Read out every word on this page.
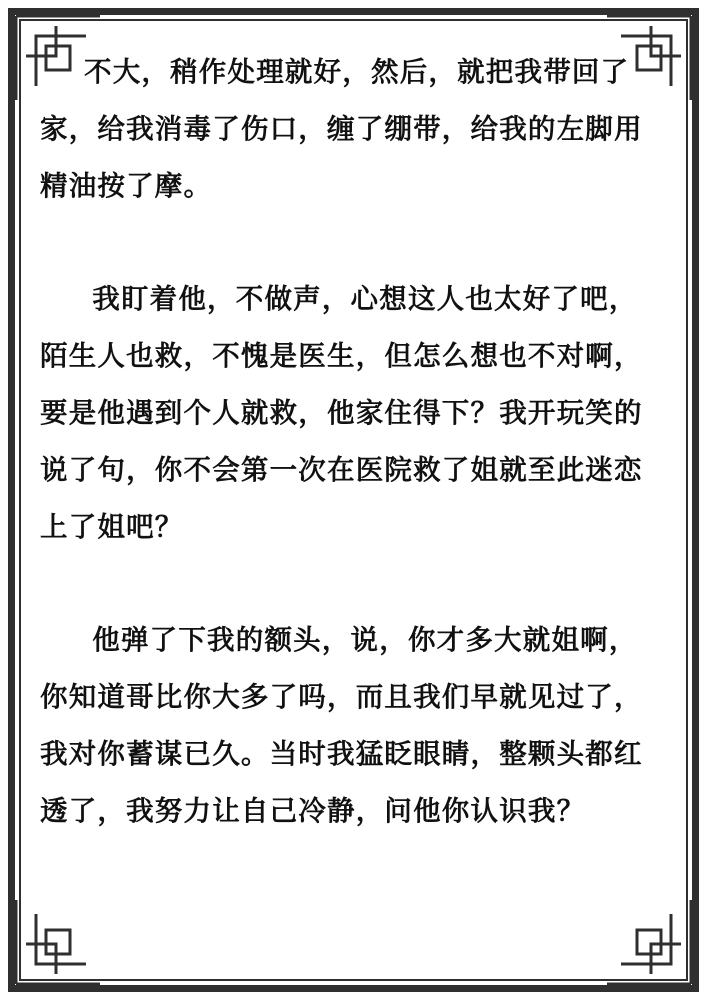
不大，稍作处理就好，然后，就把我带回了家，给我消毒了伤口，缠了绷带，给我的左脚用精油按了摩。

我盯着他，不做声，心想这人也太好了吧，陌生人也救，不愧是医生，但怎么想也不对啊，要是他遇到个人就救，他家住得下？我开玩笑的说了句，你不会第一次在医院救了姐就至此迷恋上了姐吧？

他弹了下我的额头，说，你才多大就姐啊，你知道哥比你大多了吗，而且我们早就见过了，我对你蓄谋已久。当时我猛眨眼睛，整颗头都红透了，我努力让自己冷静，问他你认识我？
